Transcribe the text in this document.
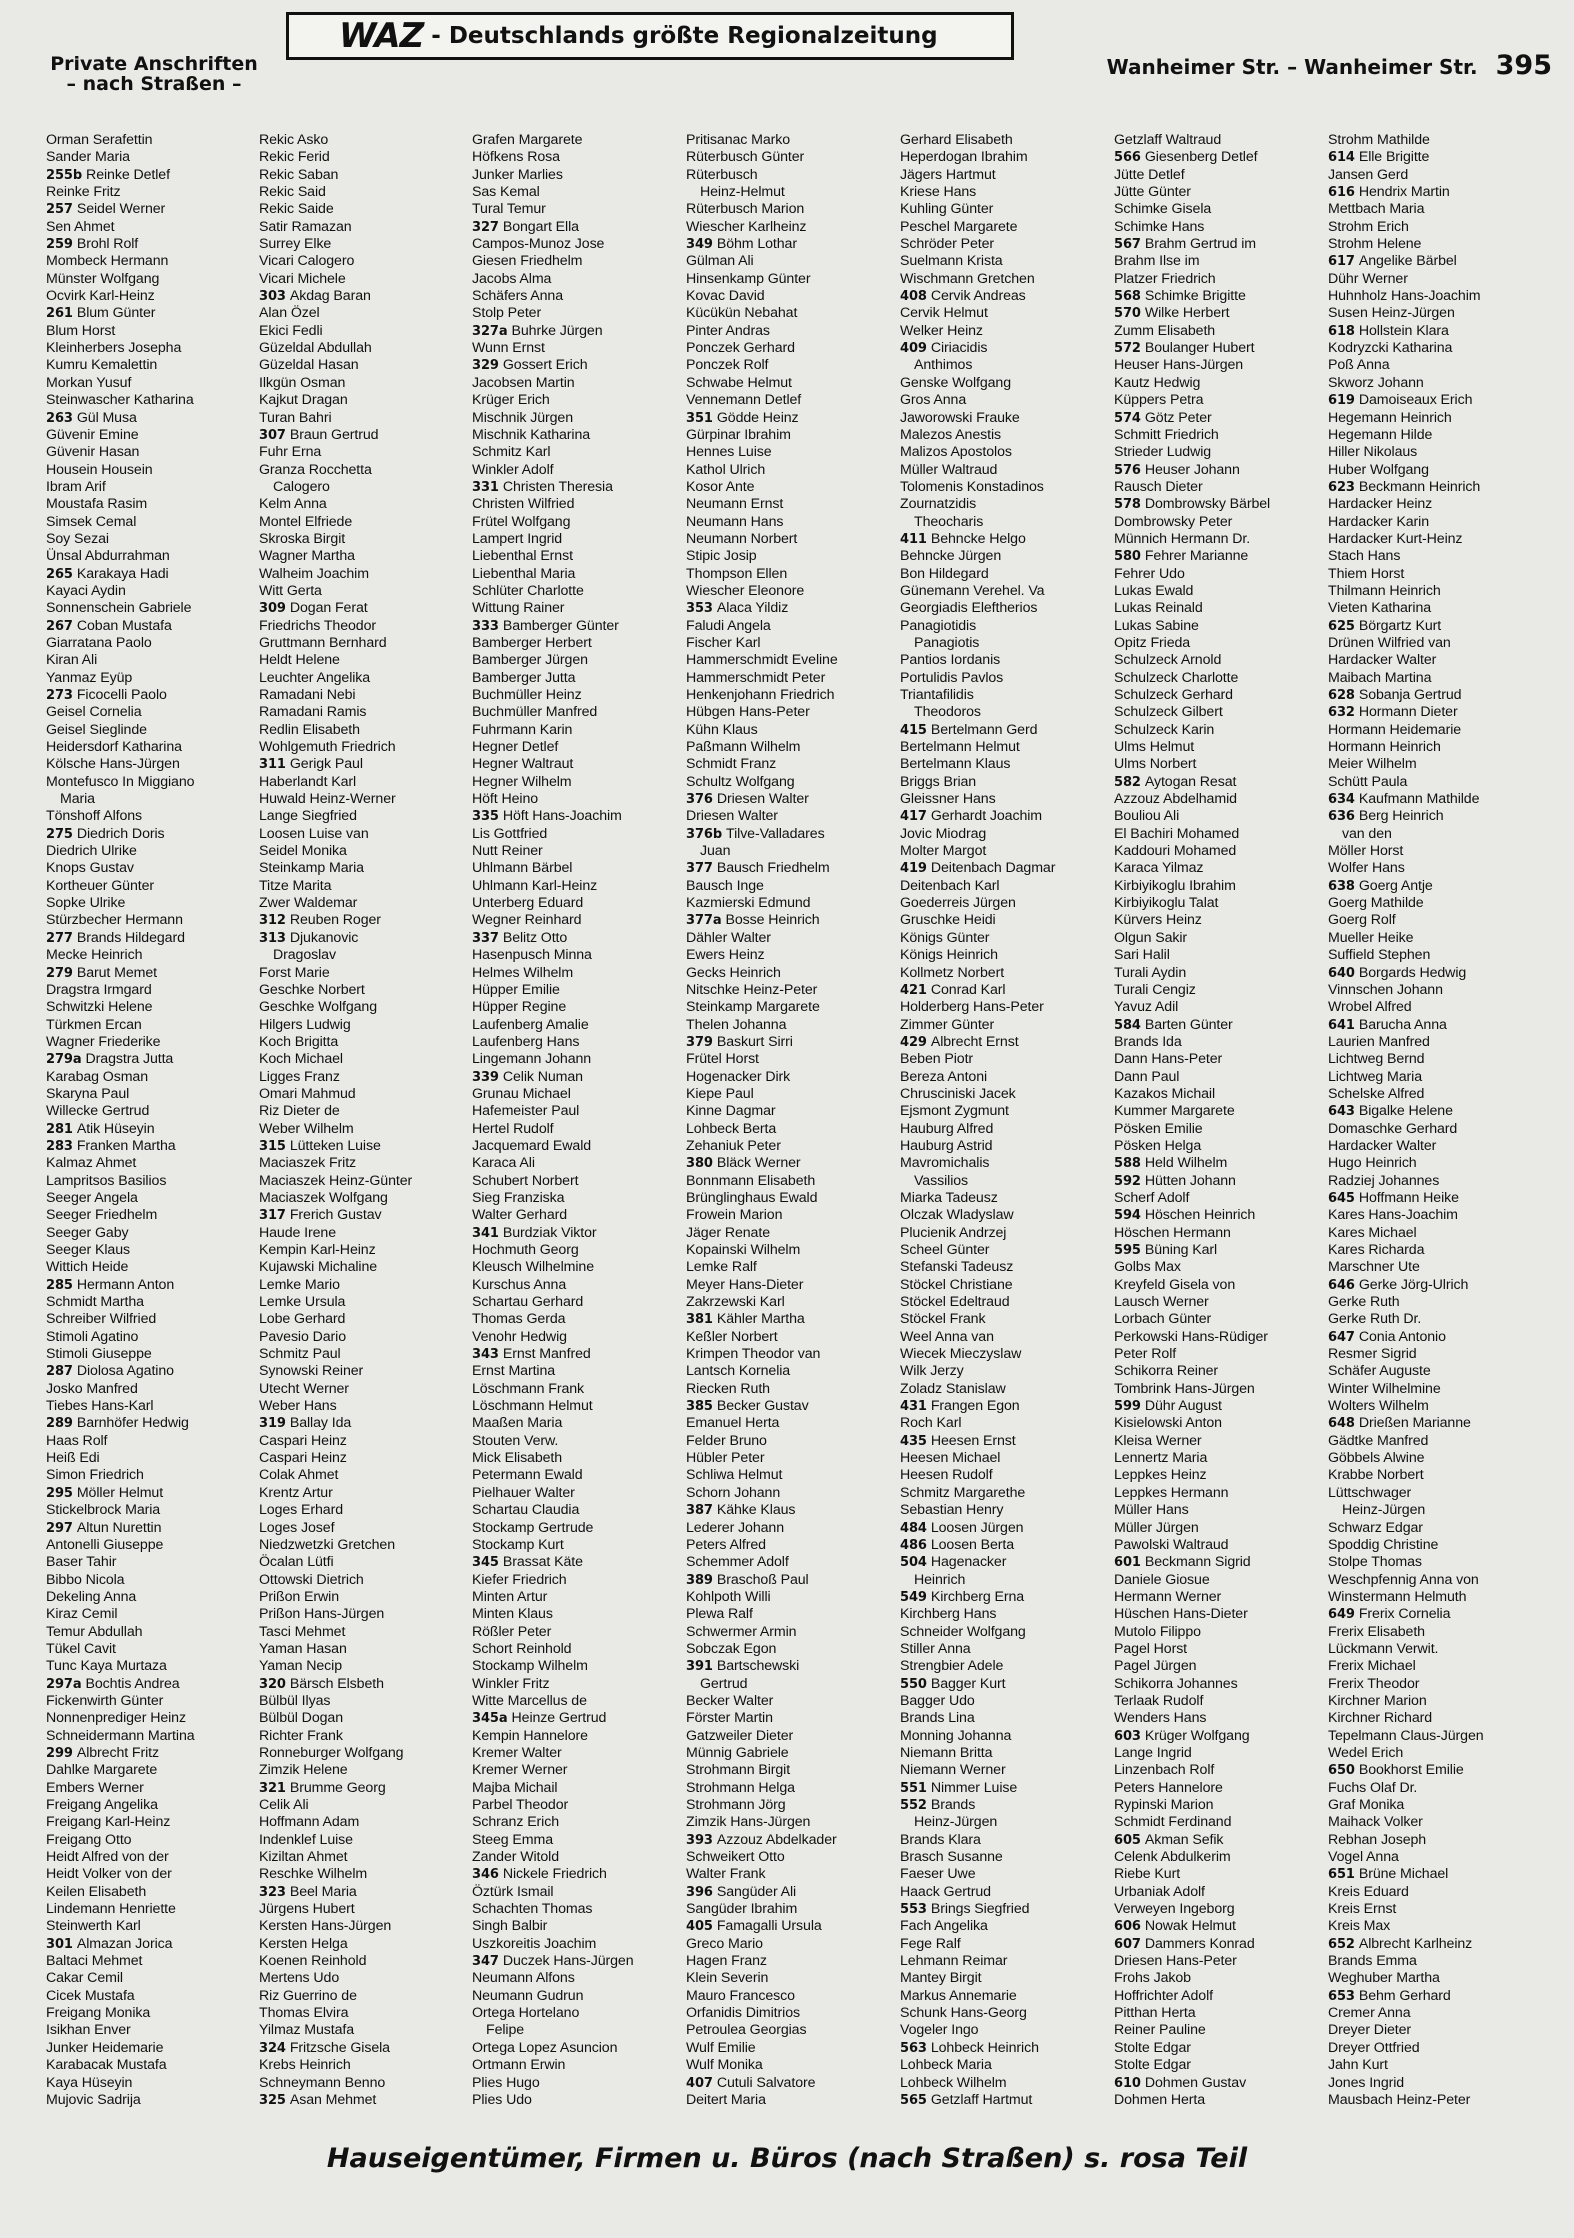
Private Anschriften
– nach Straßen –
WAZ - Deutschlands größte Regionalzeitung
Wanheimer Str. – Wanheimer Str. 395
Orman Serafettin
Sander Maria
255b Reinke Detlef
Reinke Fritz
257 Seidel Werner
Sen Ahmet
259 Brohl Rolf
Mombeck Hermann
Münster Wolfgang
Ocvirk Karl-Heinz
261 Blum Günter
Blum Horst
Kleinherbers Josepha
Kumru Kemalettin
Morkan Yusuf
Steinwascher Katharina
263 Gül Musa
Güvenir Emine
Güvenir Hasan
Housein Housein
Ibram Arif
Moustafa Rasim
Simsek Cemal
Soy Sezai
Ünsal Abdurrahman
265 Karakaya Hadi
Kayaci Aydin
Sonnenschein Gabriele
267 Coban Mustafa
Giarratana Paolo
Kiran Ali
Yanmaz Eyüp
273 Ficocelli Paolo
Geisel Cornelia
Geisel Sieglinde
Heidersdorf Katharina
Kölsche Hans-Jürgen
Montefusco In Miggiano
Maria
Tönshoff Alfons
275 Diedrich Doris
Diedrich Ulrike
Knops Gustav
Kortheuer Günter
Sopke Ulrike
Stürzbecher Hermann
277 Brands Hildegard
Mecke Heinrich
279 Barut Memet
Dragstra Irmgard
Schwitzki Helene
Türkmen Ercan
Wagner Friederike
279a Dragstra Jutta
Karabag Osman
Skaryna Paul
Willecke Gertrud
281 Atik Hüseyin
283 Franken Martha
Kalmaz Ahmet
Lampritsos Basilios
Seeger Angela
Seeger Friedhelm
Seeger Gaby
Seeger Klaus
Wittich Heide
285 Hermann Anton
Schmidt Martha
Schreiber Wilfried
Stimoli Agatino
Stimoli Giuseppe
287 Diolosa Agatino
Josko Manfred
Tiebes Hans-Karl
289 Barnhöfer Hedwig
Haas Rolf
Heiß Edi
Simon Friedrich
295 Möller Helmut
Stickelbrock Maria
297 Altun Nurettin
Antonelli Giuseppe
Baser Tahir
Bibbo Nicola
Dekeling Anna
Kiraz Cemil
Temur Abdullah
Tükel Cavit
Tunc Kaya Murtaza
297a Bochtis Andrea
Fickenwirth Günter
Nonnenprediger Heinz
Schneidermann Martina
299 Albrecht Fritz
Dahlke Margarete
Embers Werner
Freigang Angelika
Freigang Karl-Heinz
Freigang Otto
Heidt Alfred von der
Heidt Volker von der
Keilen Elisabeth
Lindemann Henriette
Steinwerth Karl
301 Almazan Jorica
Baltaci Mehmet
Cakar Cemil
Cicek Mustafa
Freigang Monika
Isikhan Enver
Junker Heidemarie
Karabacak Mustafa
Kaya Hüseyin
Mujovic Sadrija
Rekic Asko
Rekic Ferid
Rekic Saban
Rekic Said
Rekic Saide
Satir Ramazan
Surrey Elke
Vicari Calogero
Vicari Michele
303 Akdag Baran
Alan Özel
Ekici Fedli
Güzeldal Abdullah
Güzeldal Hasan
Ilkgün Osman
Kajkut Dragan
Turan Bahri
307 Braun Gertrud
Fuhr Erna
Granza Rocchetta
Calogero
Kelm Anna
Montel Elfriede
Skroska Birgit
Wagner Martha
Walheim Joachim
Witt Gerta
309 Dogan Ferat
Friedrichs Theodor
Gruttmann Bernhard
Heldt Helene
Leuchter Angelika
Ramadani Nebi
Ramadani Ramis
Redlin Elisabeth
Wohlgemuth Friedrich
311 Gerigk Paul
Haberlandt Karl
Huwald Heinz-Werner
Lange Siegfried
Loosen Luise van
Seidel Monika
Steinkamp Maria
Titze Marita
Zwer Waldemar
312 Reuben Roger
313 Djukanovic
Dragoslav
Forst Marie
Geschke Norbert
Geschke Wolfgang
Hilgers Ludwig
Koch Brigitta
Koch Michael
Ligges Franz
Omari Mahmud
Riz Dieter de
Weber Wilhelm
315 Lütteken Luise
Maciaszek Fritz
Maciaszek Heinz-Günter
Maciaszek Wolfgang
317 Frerich Gustav
Haude Irene
Kempin Karl-Heinz
Kujawski Michaline
Lemke Mario
Lemke Ursula
Lobe Gerhard
Pavesio Dario
Schmitz Paul
Synowski Reiner
Utecht Werner
Weber Hans
319 Ballay Ida
Caspari Heinz
Caspari Heinz
Colak Ahmet
Krentz Artur
Loges Erhard
Loges Josef
Niedzwetzki Gretchen
Öcalan Lütfi
Ottowski Dietrich
Prißon Erwin
Prißon Hans-Jürgen
Tasci Mehmet
Yaman Hasan
Yaman Necip
320 Bärsch Elsbeth
Bülbül Ilyas
Bülbül Dogan
Richter Frank
Ronneburger Wolfgang
Zimzik Helene
321 Brumme Georg
Celik Ali
Hoffmann Adam
Indenklef Luise
Kiziltan Ahmet
Reschke Wilhelm
323 Beel Maria
Jürgens Hubert
Kersten Hans-Jürgen
Kersten Helga
Koenen Reinhold
Mertens Udo
Riz Guerrino de
Thomas Elvira
Yilmaz Mustafa
324 Fritzsche Gisela
Krebs Heinrich
Schneymann Benno
325 Asan Mehmet
Grafen Margarete
Höfkens Rosa
Junker Marlies
Sas Kemal
Tural Temur
327 Bongart Ella
Campos-Munoz Jose
Giesen Friedhelm
Jacobs Alma
Schäfers Anna
Stolp Peter
327a Buhrke Jürgen
Wunn Ernst
329 Gossert Erich
Jacobsen Martin
Krüger Erich
Mischnik Jürgen
Mischnik Katharina
Schmitz Karl
Winkler Adolf
331 Christen Theresia
Christen Wilfried
Frütel Wolfgang
Lampert Ingrid
Liebenthal Ernst
Liebenthal Maria
Schlüter Charlotte
Wittung Rainer
333 Bamberger Günter
Bamberger Herbert
Bamberger Jürgen
Bamberger Jutta
Buchmüller Heinz
Buchmüller Manfred
Fuhrmann Karin
Hegner Detlef
Hegner Waltraut
Hegner Wilhelm
Höft Heino
335 Höft Hans-Joachim
Lis Gottfried
Nutt Reiner
Uhlmann Bärbel
Uhlmann Karl-Heinz
Unterberg Eduard
Wegner Reinhard
337 Belitz Otto
Hasenpusch Minna
Helmes Wilhelm
Hüpper Emilie
Hüpper Regine
Laufenberg Amalie
Laufenberg Hans
Lingemann Johann
339 Celik Numan
Grunau Michael
Hafemeister Paul
Hertel Rudolf
Jacquemard Ewald
Karaca Ali
Schubert Norbert
Sieg Franziska
Walter Gerhard
341 Burdziak Viktor
Hochmuth Georg
Kleusch Wilhelmine
Kurschus Anna
Schartau Gerhard
Thomas Gerda
Venohr Hedwig
343 Ernst Manfred
Ernst Martina
Löschmann Frank
Löschmann Helmut
Maaßen Maria
Stouten Verw.
Mick Elisabeth
Petermann Ewald
Pielhauer Walter
Schartau Claudia
Stockamp Gertrude
Stockamp Kurt
345 Brassat Käte
Kiefer Friedrich
Minten Artur
Minten Klaus
Rößler Peter
Schort Reinhold
Stockamp Wilhelm
Winkler Fritz
Witte Marcellus de
345a Heinze Gertrud
Kempin Hannelore
Kremer Walter
Kremer Werner
Majba Michail
Parbel Theodor
Schranz Erich
Steeg Emma
Zander Witold
346 Nickele Friedrich
Öztürk Ismail
Schachten Thomas
Singh Balbir
Uszkoreitis Joachim
347 Duczek Hans-Jürgen
Neumann Alfons
Neumann Gudrun
Ortega Hortelano
Felipe
Ortega Lopez Asuncion
Ortmann Erwin
Plies Hugo
Plies Udo
Pritisanac Marko
Rüterbusch Günter
Rüterbusch
Heinz-Helmut
Rüterbusch Marion
Wiescher Karlheinz
349 Böhm Lothar
Gülman Ali
Hinsenkamp Günter
Kovac David
Kücükün Nebahat
Pinter Andras
Ponczek Gerhard
Ponczek Rolf
Schwabe Helmut
Vennemann Detlef
351 Gödde Heinz
Gürpinar Ibrahim
Hennes Luise
Kathol Ulrich
Kosor Ante
Neumann Ernst
Neumann Hans
Neumann Norbert
Stipic Josip
Thompson Ellen
Wiescher Eleonore
353 Alaca Yildiz
Faludi Angela
Fischer Karl
Hammerschmidt Eveline
Hammerschmidt Peter
Henkenjohann Friedrich
Hübgen Hans-Peter
Kühn Klaus
Paßmann Wilhelm
Schmidt Franz
Schultz Wolfgang
376 Driesen Walter
Driesen Walter
376b Tilve-Valladares
Juan
377 Bausch Friedhelm
Bausch Inge
Kazmierski Edmund
377a Bosse Heinrich
Dähler Walter
Ewers Heinz
Gecks Heinrich
Nitschke Heinz-Peter
Steinkamp Margarete
Thelen Johanna
379 Baskurt Sirri
Frütel Horst
Hogenacker Dirk
Kiepe Paul
Kinne Dagmar
Lohbeck Berta
Zehaniuk Peter
380 Bläck Werner
Bonnmann Elisabeth
Brünglinghaus Ewald
Frowein Marion
Jäger Renate
Kopainski Wilhelm
Lemke Ralf
Meyer Hans-Dieter
Zakrzewski Karl
381 Kähler Martha
Keßler Norbert
Krimpen Theodor van
Lantsch Kornelia
Riecken Ruth
385 Becker Gustav
Emanuel Herta
Felder Bruno
Hübler Peter
Schliwa Helmut
Schorn Johann
387 Kähke Klaus
Lederer Johann
Peters Alfred
Schemmer Adolf
389 Braschoß Paul
Kohlpoth Willi
Plewa Ralf
Schwermer Armin
Sobczak Egon
391 Bartschewski
Gertrud
Becker Walter
Förster Martin
Gatzweiler Dieter
Münnig Gabriele
Strohmann Birgit
Strohmann Helga
Strohmann Jörg
Zimzik Hans-Jürgen
393 Azzouz Abdelkader
Schweikert Otto
Walter Frank
396 Sangüder Ali
Sangüder Ibrahim
405 Famagalli Ursula
Greco Mario
Hagen Franz
Klein Severin
Mauro Francesco
Orfanidis Dimitrios
Petroulea Georgias
Wulf Emilie
Wulf Monika
407 Cutuli Salvatore
Deitert Maria
Gerhard Elisabeth
Heperdogan Ibrahim
Jägers Hartmut
Kriese Hans
Kuhling Günter
Peschel Margarete
Schröder Peter
Suelmann Krista
Wischmann Gretchen
408 Cervik Andreas
Cervik Helmut
Welker Heinz
409 Ciriacidis
Anthimos
Genske Wolfgang
Gros Anna
Jaworowski Frauke
Malezos Anestis
Malizos Apostolos
Müller Waltraud
Tolomenis Konstadinos
Zournatzidis
Theocharis
411 Behncke Helgo
Behncke Jürgen
Bon Hildegard
Günemann Verehel. Va
Georgiadis Eleftherios
Panagiotidis
Panagiotis
Pantios Iordanis
Portulidis Pavlos
Triantafilidis
Theodoros
415 Bertelmann Gerd
Bertelmann Helmut
Bertelmann Klaus
Briggs Brian
Gleissner Hans
417 Gerhardt Joachim
Jovic Miodrag
Molter Margot
419 Deitenbach Dagmar
Deitenbach Karl
Goederreis Jürgen
Gruschke Heidi
Königs Günter
Königs Heinrich
Kollmetz Norbert
421 Conrad Karl
Holderberg Hans-Peter
Zimmer Günter
429 Albrecht Ernst
Beben Piotr
Bereza Antoni
Chrusciniski Jacek
Ejsmont Zygmunt
Hauburg Alfred
Hauburg Astrid
Mavromichalis
Vassilios
Miarka Tadeusz
Olczak Wladyslaw
Plucienik Andrzej
Scheel Günter
Stefanski Tadeusz
Stöckel Christiane
Stöckel Edeltraud
Stöckel Frank
Weel Anna van
Wiecek Mieczyslaw
Wilk Jerzy
Zoladz Stanislaw
431 Frangen Egon
Roch Karl
435 Heesen Ernst
Heesen Michael
Heesen Rudolf
Schmitz Margarethe
Sebastian Henry
484 Loosen Jürgen
486 Loosen Berta
504 Hagenacker
Heinrich
549 Kirchberg Erna
Kirchberg Hans
Schneider Wolfgang
Stiller Anna
Strengbier Adele
550 Bagger Kurt
Bagger Udo
Brands Lina
Monning Johanna
Niemann Britta
Niemann Werner
551 Nimmer Luise
552 Brands
Heinz-Jürgen
Brands Klara
Brasch Susanne
Faeser Uwe
Haack Gertrud
553 Brings Siegfried
Fach Angelika
Fege Ralf
Lehmann Reimar
Mantey Birgit
Markus Annemarie
Schunk Hans-Georg
Vogeler Ingo
563 Lohbeck Heinrich
Lohbeck Maria
Lohbeck Wilhelm
565 Getzlaff Hartmut
Getzlaff Waltraud
566 Giesenberg Detlef
Jütte Detlef
Jütte Günter
Schimke Gisela
Schimke Hans
567 Brahm Gertrud im
Brahm Ilse im
Platzer Friedrich
568 Schimke Brigitte
570 Wilke Herbert
Zumm Elisabeth
572 Boulanger Hubert
Heuser Hans-Jürgen
Kautz Hedwig
Küppers Petra
574 Götz Peter
Schmitt Friedrich
Strieder Ludwig
576 Heuser Johann
Rausch Dieter
578 Dombrowsky Bärbel
Dombrowsky Peter
Münnich Hermann Dr.
580 Fehrer Marianne
Fehrer Udo
Lukas Ewald
Lukas Reinald
Lukas Sabine
Opitz Frieda
Schulzeck Arnold
Schulzeck Charlotte
Schulzeck Gerhard
Schulzeck Gilbert
Schulzeck Karin
Ulms Helmut
Ulms Norbert
582 Aytogan Resat
Azzouz Abdelhamid
Bouliou Ali
El Bachiri Mohamed
Kaddouri Mohamed
Karaca Yilmaz
Kirbiyikoglu Ibrahim
Kirbiyikoglu Talat
Kürvers Heinz
Olgun Sakir
Sari Halil
Turali Aydin
Turali Cengiz
Yavuz Adil
584 Barten Günter
Brands Ida
Dann Hans-Peter
Dann Paul
Kazakos Michail
Kummer Margarete
Pösken Emilie
Pösken Helga
588 Held Wilhelm
592 Hütten Johann
Scherf Adolf
594 Höschen Heinrich
Höschen Hermann
595 Büning Karl
Golbs Max
Kreyfeld Gisela von
Lausch Werner
Lorbach Günter
Perkowski Hans-Rüdiger
Peter Rolf
Schikorra Reiner
Tombrink Hans-Jürgen
599 Dühr August
Kisielowski Anton
Kleisa Werner
Lennertz Maria
Leppkes Heinz
Leppkes Hermann
Müller Hans
Müller Jürgen
Pawolski Waltraud
601 Beckmann Sigrid
Daniele Giosue
Hermann Werner
Hüschen Hans-Dieter
Mutolo Filippo
Pagel Horst
Pagel Jürgen
Schikorra Johannes
Terlaak Rudolf
Wenders Hans
603 Krüger Wolfgang
Lange Ingrid
Linzenbach Rolf
Peters Hannelore
Rypinski Marion
Schmidt Ferdinand
605 Akman Sefik
Celenk Abdulkerim
Riebe Kurt
Urbaniak Adolf
Verweyen Ingeborg
606 Nowak Helmut
607 Dammers Konrad
Driesen Hans-Peter
Frohs Jakob
Hoffrichter Adolf
Pitthan Herta
Reiner Pauline
Stolte Edgar
Stolte Edgar
610 Dohmen Gustav
Dohmen Herta
Strohm Mathilde
614 Elle Brigitte
Jansen Gerd
616 Hendrix Martin
Mettbach Maria
Strohm Erich
Strohm Helene
617 Angelike Bärbel
Dühr Werner
Huhnholz Hans-Joachim
Susen Heinz-Jürgen
618 Hollstein Klara
Kodryzcki Katharina
Poß Anna
Skworz Johann
619 Damoiseaux Erich
Hegemann Heinrich
Hegemann Hilde
Hiller Nikolaus
Huber Wolfgang
623 Beckmann Heinrich
Hardacker Heinz
Hardacker Karin
Hardacker Kurt-Heinz
Stach Hans
Thiem Horst
Thilmann Heinrich
Vieten Katharina
625 Börgartz Kurt
Drünen Wilfried van
Hardacker Walter
Maibach Martina
628 Sobanja Gertrud
632 Hormann Dieter
Hormann Heidemarie
Hormann Heinrich
Meier Wilhelm
Schütt Paula
634 Kaufmann Mathilde
636 Berg Heinrich
van den
Möller Horst
Wolfer Hans
638 Goerg Antje
Goerg Mathilde
Goerg Rolf
Mueller Heike
Suffield Stephen
640 Borgards Hedwig
Vinnschen Johann
Wrobel Alfred
641 Barucha Anna
Laurien Manfred
Lichtweg Bernd
Lichtweg Maria
Schelske Alfred
643 Bigalke Helene
Domaschke Gerhard
Hardacker Walter
Hugo Heinrich
Radziej Johannes
645 Hoffmann Heike
Kares Hans-Joachim
Kares Michael
Kares Richarda
Marschner Ute
646 Gerke Jörg-Ulrich
Gerke Ruth
Gerke Ruth Dr.
647 Conia Antonio
Resmer Sigrid
Schäfer Auguste
Winter Wilhelmine
Wolters Wilhelm
648 Drießen Marianne
Gädtke Manfred
Göbbels Alwine
Krabbe Norbert
Lüttschwager
Heinz-Jürgen
Schwarz Edgar
Spoddig Christine
Stolpe Thomas
Weschpfennig Anna von
Winstermann Helmuth
649 Frerix Cornelia
Frerix Elisabeth
Lückmann Verwit.
Frerix Michael
Frerix Theodor
Kirchner Marion
Kirchner Richard
Tepelmann Claus-Jürgen
Wedel Erich
650 Bookhorst Emilie
Fuchs Olaf Dr.
Graf Monika
Maihack Volker
Rebhan Joseph
Vogel Anna
651 Brüne Michael
Kreis Eduard
Kreis Ernst
Kreis Max
652 Albrecht Karlheinz
Brands Emma
Weghuber Martha
653 Behm Gerhard
Cremer Anna
Dreyer Dieter
Dreyer Ottfried
Jahn Kurt
Jones Ingrid
Mausbach Heinz-Peter
Hauseigentümer, Firmen u. Büros (nach Straßen) s. rosa Teil
